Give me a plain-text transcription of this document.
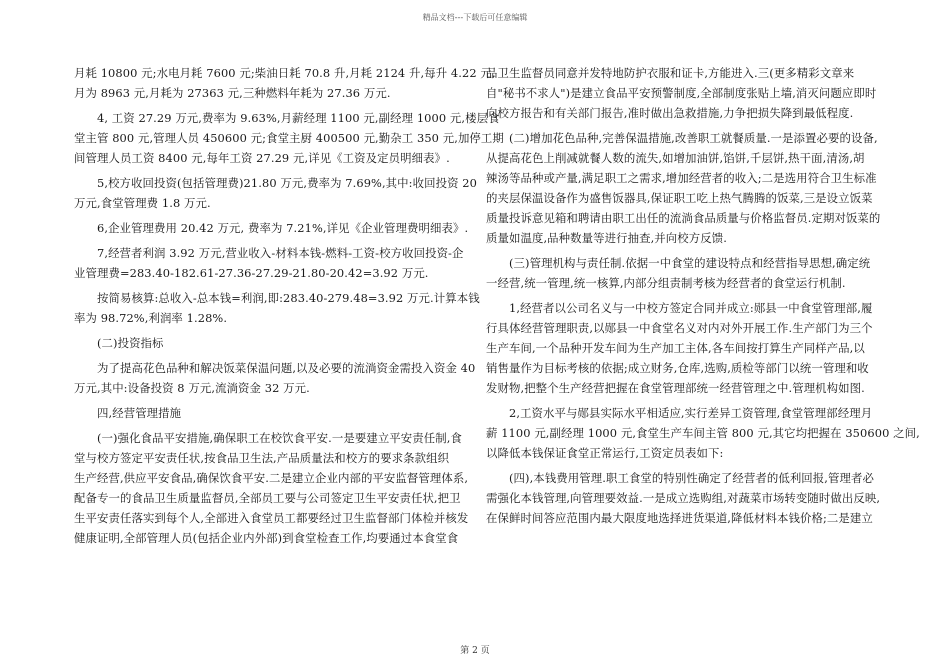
精品文档---下载后可任意编辑
月耗 10800 元;水电月耗 7600 元;柴油日耗 70.8 升,月耗 2124 升,每升 4.22 元,
月为 8963 元,月耗为 27363 元,三种燃料年耗为 27.36 万元.
4, 工资 27.29 万元,费率为 9.63%,月薪经理 1100 元,副经理 1000 元,楼层食
堂主管 800 元,管理人员 450600 元;食堂主厨 400500 元,勤杂工 350 元,加停工期
间管理人员工资 8400 元,每年工资 27.29 元,详见《工资及定员明细表》.
5,校方收回投资(包括管理费)21.80 万元,费率为 7.69%,其中:收回投资 20
万元,食堂管理费 1.8 万元.
6,企业管理费用 20.42 万元, 费率为 7.21%,详见《企业管理费明细表》.
7,经营者利润 3.92 万元,营业收入-材料本钱-燃料-工资-校方收回投资-企
业管理费=283.40-182.61-27.36-27.29-21.80-20.42=3.92 万元.
按简易核算:总收入-总本钱=利润,即:283.40-279.48=3.92 万元.计算本钱
率为 98.72%,利润率 1.28%.
(二)投资指标
为了提高花色品种和解决饭菜保温问题,以及必要的流淌资金需投入资金 40
万元,其中:设备投资 8 万元,流淌资金 32 万元.
四,经营管理措施
(一)强化食品平安措施,确保职工在校饮食平安.一是要建立平安责任制,食
堂与校方签定平安责任状,按食品卫生法,产品质量法和校方的要求条款组织
生产经营,供应平安食品,确保饮食平安.二是建立企业内部的平安监督管理体系,
配备专一的食品卫生质量监督员,全部员工要与公司签定卫生平安责任状,把卫
生平安责任落实到每个人,全部进入食堂员工都要经过卫生监督部门体检并核发
健康证明,全部管理人员(包括企业内外部)到食堂检查工作,均要通过本食堂食
品卫生监督员同意并发特地防护衣服和证卡,方能进入.三(更多精彩文章来
自"秘书不求人")是建立食品平安预警制度,全部制度张贴上墙,消灭问题应即时
向校方报告和有关部门报告,准时做出急救措施,力争把损失降到最低程度.
(二)增加花色品种,完善保温措施,改善职工就餐质量.一是添置必要的设备,
从提高花色上削减就餐人数的流失,如增加油饼,馅饼,千层饼,热干面,清汤,胡
辣汤等品种或产量,满足职工之需求,增加经营者的收入;二是选用符合卫生标准
的夹层保温设备作为盛售饭器具,保证职工吃上热气腾腾的饭菜,三是设立饭菜
质量投诉意见箱和聘请由职工出任的流淌食品质量与价格监督员.定期对饭菜的
质量如温度,品种数量等进行抽查,并向校方反馈.
(三)管理机构与责任制.依据一中食堂的建设特点和经营指导思想,确定统
一经营,统一管理,统一核算,内部分组责制考核为经营者的食堂运行机制.
1,经营者以公司名义与一中校方签定合同并成立:郧县一中食堂管理部,履
行具体经营管理职责,以郧县一中食堂名义对内对外开展工作.生产部门为三个
生产车间,一个品种开发车间为生产加工主体,各车间按打算生产同样产品,以
销售量作为目标考核的依据;成立财务,仓库,选购,质检等部门以统一管理和收
发财物,把整个生产经营把握在食堂管理部统一经营管理之中.管理机构如图.
2,工资水平与郧县实际水平相适应,实行差异工资管理,食堂管理部经理月
薪 1100 元,副经理 1000 元,食堂生产车间主管 800 元,其它均把握在 350600 之间,
以降低本钱保证食堂正常运行,工资定员表如下:
(四),本钱费用管理.职工食堂的特别性确定了经营者的低利回报,管理者必
需强化本钱管理,向管理要效益.一是成立选购组,对蔬菜市场转变随时做出反映,
在保鲜时间答应范围内最大限度地选择进货渠道,降低材料本钱价格;二是建立
第 2 页
